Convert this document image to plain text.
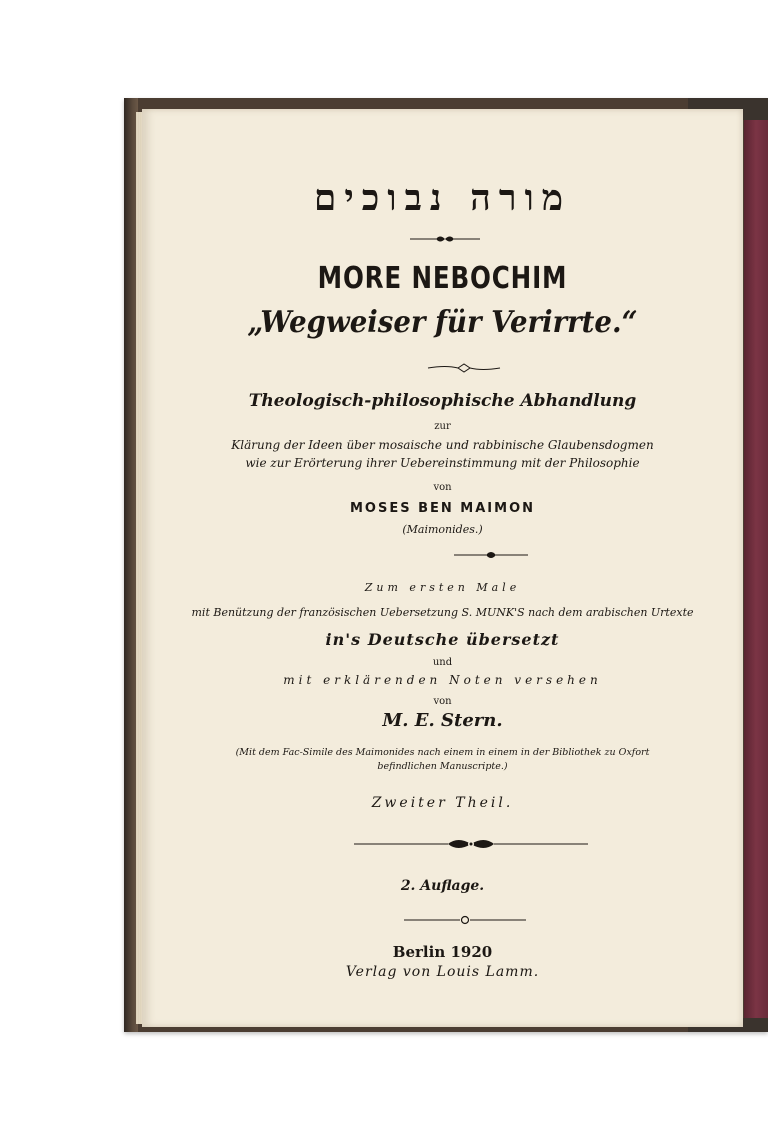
מורה נבוכים
MORE NEBOCHIM
„Wegweiser für Verirrte.“
Theologisch-philosophische Abhandlung
zur
Klärung der Ideen über mosaische und rabbinische Glaubensdogmen
wie zur Erörterung ihrer Uebereinstimmung mit der Philosophie
von
MOSES BEN MAIMON
(Maimonides.)
Zum ersten Male
mit Benützung der französischen Uebersetzung S. MUNK'S nach dem arabischen Urtexte
in's Deutsche übersetzt
und
mit erklärenden Noten versehen
von
M. E. Stern.
(Mit dem Fac-Simile des Maimonides nach einem in einem in der Bibliothek zu Oxfort
befindlichen Manuscripte.)
Zweiter Theil.
2. Auflage.
Berlin 1920
Verlag von Louis Lamm.
